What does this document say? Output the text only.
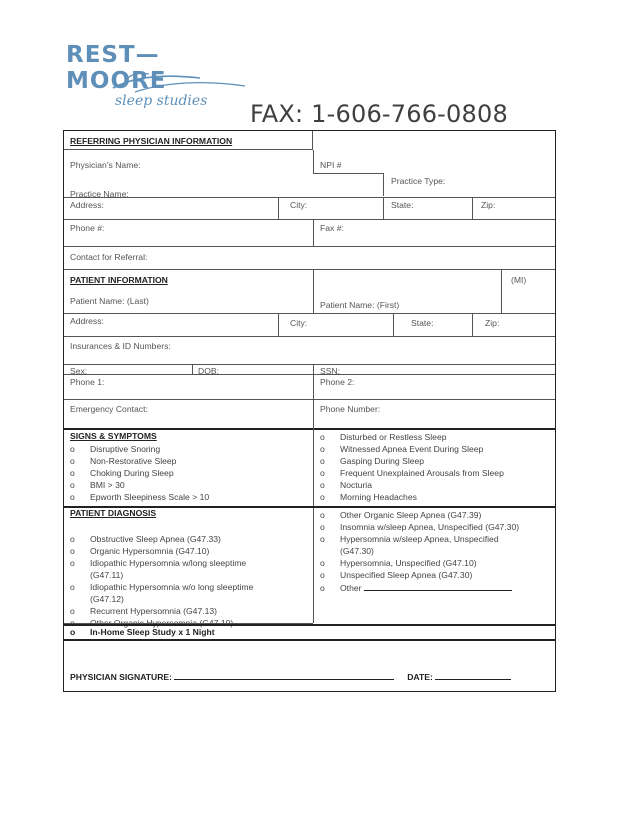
REST—MOORE
sleep studies FAX: 1-606-766-0808
REFERRING PHYSICIAN INFORMATION
Physician’s Name:	NPI #
Practice Type:
Practice Name:
Address:	City:	State:	Zip:
Phone #:	Fax #:
Contact for Referral:
PATIENT INFORMATION	(MI)
Patient Name: (Last)	Patient Name: (First)
Address:	City:	State:	Zip:
Insurances & ID Numbers:
Sex:	DOB:	SSN:
Phone 1:	Phone 2:
Emergency Contact:	Phone Number:
SIGNS & SYMPTOMS
o Disruptive Snoring
o Non-Restorative Sleep
o Choking During Sleep
o BMI > 30
o Epworth Sleepiness Scale > 10
o Disturbed or Restless Sleep
o Witnessed Apnea Event During Sleep
o Gasping During Sleep
o Frequent Unexplained Arousals from Sleep
o Nocturia
o Morning Headaches
PATIENT DIAGNOSIS
o Obstructive Sleep Apnea (G47.33)
o Organic Hypersomnia (G47.10)
o Idiopathic Hypersomnia w/long sleeptime
(G47.11)
o Idiopathic Hypersomnia w/o long sleeptime
(G47.12)
o Recurrent Hypersomnia (G47.13)
o Other Organic Hypersomnia (G47.19)
o Other Organic Sleep Apnea (G47.39)
o Insomnia w/sleep Apnea, Unspecified (G47.30)
o Hypersomnia w/sleep Apnea, Unspecified
(G47.30)
o Hypersomnia, Unspecified (G47.10)
o Unspecified Sleep Apnea (G47.30)
o Other
o In-Home Sleep Study x 1 Night
PHYSICIAN SIGNATURE:	DATE:
